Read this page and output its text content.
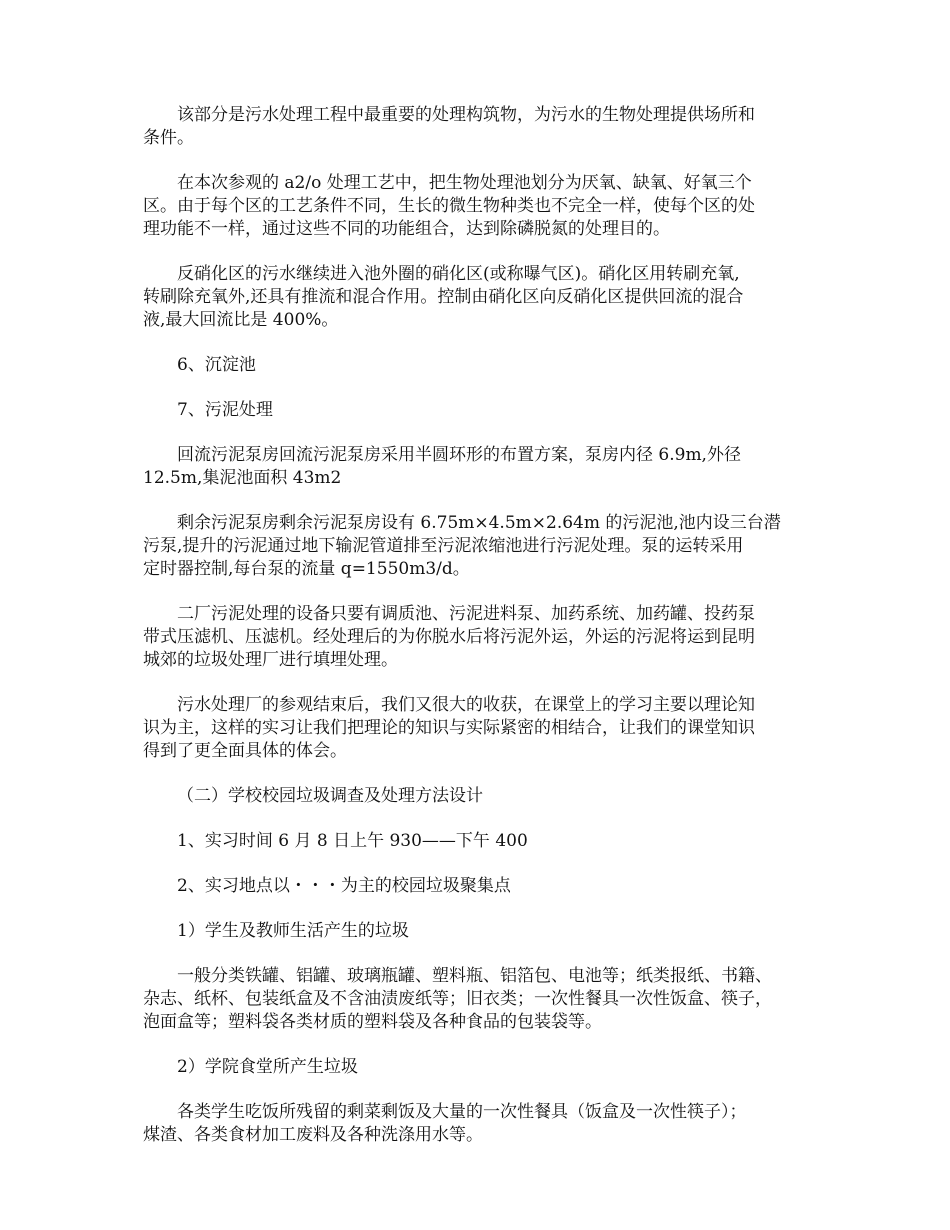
该部分是污水处理工程中最重要的处理构筑物，为污水的生物处理提供场所和
条件。

在本次参观的 a2/o 处理工艺中，把生物处理池划分为厌氧、缺氧、好氧三个
区。由于每个区的工艺条件不同，生长的微生物种类也不完全一样，使每个区的处
理功能不一样，通过这些不同的功能组合，达到除磷脱氮的处理目的。

反硝化区的污水继续进入池外圈的硝化区(或称曝气区)。硝化区用转刷充氧,
转刷除充氧外,还具有推流和混合作用。控制由硝化区向反硝化区提供回流的混合
液,最大回流比是 400%。

6、沉淀池

7、污泥处理

回流污泥泵房回流污泥泵房采用半圆环形的布置方案，泵房内径 6.9m,外径
12.5m,集泥池面积 43m2

剩余污泥泵房剩余污泥泵房设有 6.75m×4.5m×2.64m 的污泥池,池内设三台潜
污泵,提升的污泥通过地下输泥管道排至污泥浓缩池进行污泥处理。泵的运转采用
定时器控制,每台泵的流量 q=1550m3/d。

二厂污泥处理的设备只要有调质池、污泥进料泵、加药系统、加药罐、投药泵
带式压滤机、压滤机。经处理后的为你脱水后将污泥外运，外运的污泥将运到昆明
城郊的垃圾处理厂进行填埋处理。

污水处理厂的参观结束后，我们又很大的收获，在课堂上的学习主要以理论知
识为主，这样的实习让我们把理论的知识与实际紧密的相结合，让我们的课堂知识
得到了更全面具体的体会。

（二）学校校园垃圾调查及处理方法设计

1、实习时间 6 月 8 日上午 930——下午 400

2、实习地点以・・・为主的校园垃圾聚集点

1）学生及教师生活产生的垃圾

一般分类铁罐、铝罐、玻璃瓶罐、塑料瓶、铝箔包、电池等；纸类报纸、书籍、
杂志、纸杯、包装纸盒及不含油渍废纸等；旧衣类；一次性餐具一次性饭盒、筷子，
泡面盒等；塑料袋各类材质的塑料袋及各种食品的包装袋等。

2）学院食堂所产生垃圾

各类学生吃饭所残留的剩菜剩饭及大量的一次性餐具（饭盒及一次性筷子）；
煤渣、各类食材加工废料及各种洗涤用水等。
